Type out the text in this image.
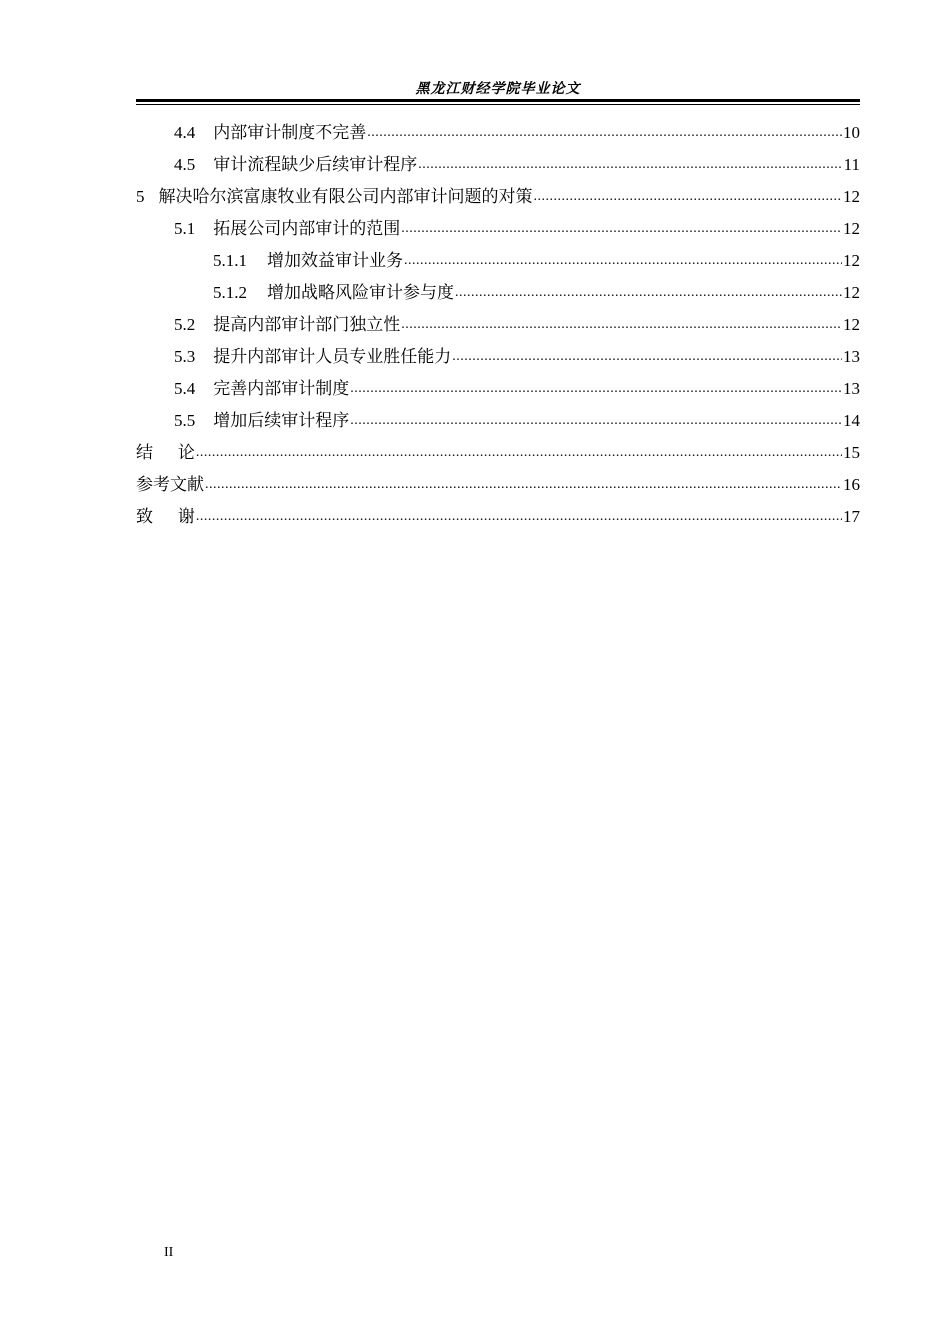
黑龙江财经学院毕业论文
4.4 内部审计制度不完善 .....	10
4.5 审计流程缺少后续审计程序 .....	11
5 解决哈尔滨富康牧业有限公司内部审计问题的对策 .....	12
5.1 拓展公司内部审计的范围 .....	12
5.1.1 增加效益审计业务 .....	12
5.1.2 增加战略风险审计参与度 .....	12
5.2 提高内部审计部门独立性 .....	12
5.3 提升内部审计人员专业胜任能力 .....	13
5.4 完善内部审计制度 .....	13
5.5 增加后续审计程序 .....	14
结 论 .....	15
参考文献 .....	16
致 谢 .....	17
II
